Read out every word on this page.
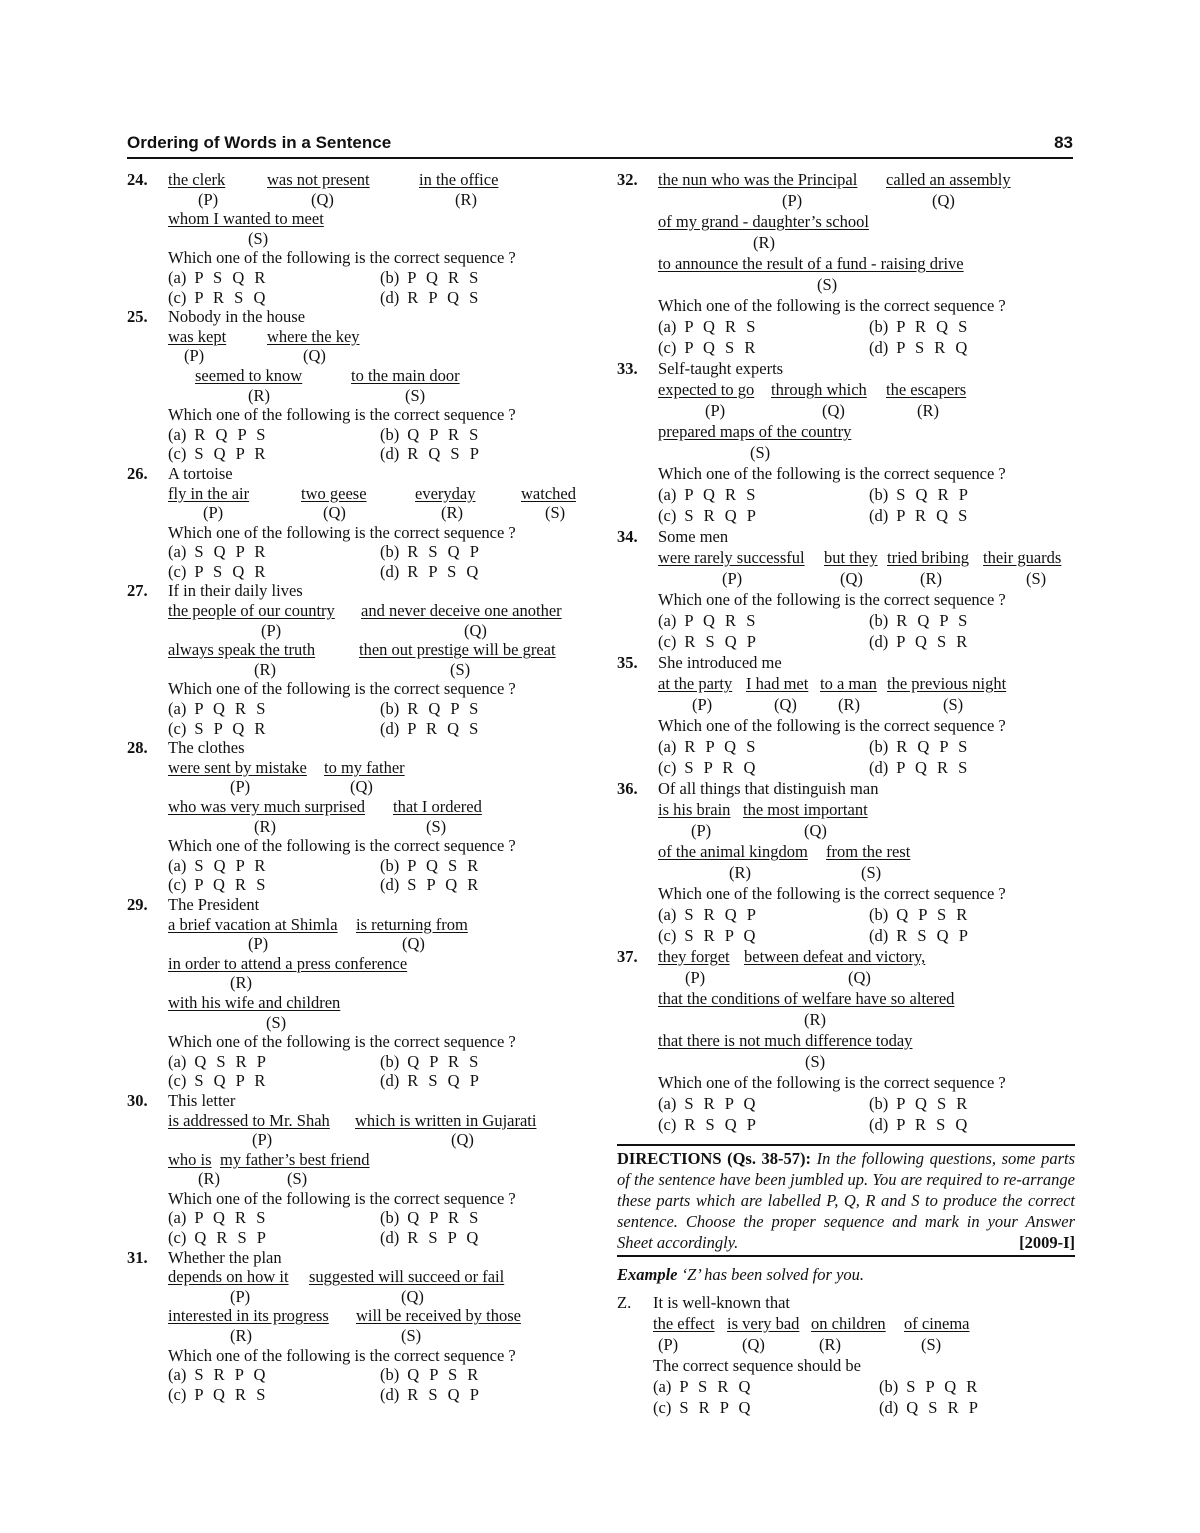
Ordering of Words in a Sentence	83
24. the clerk	was not present	in the office
(P)	(Q)	(R)
whom I wanted to meet
(S)
Which one of the following is the correct sequence ?
(a) P S Q R	(b) P Q R S
(c) P R S Q	(d) R P Q S
25. Nobody in the house
was kept where the key
(P)	(Q)
seemed to know	to the main door
(R)	(S)
Which one of the following is the correct sequence ?
(a) R Q P S	(b) Q P R S
(c) S Q P R	(d) R Q S P
26. A tortoise
fly in the air	two geese	everyday	watched
(P)	(Q)	(R)	(S)
Which one of the following is the correct sequence ?
(a) S Q P R	(b) R S Q P
(c) P S Q R	(d) R P S Q
27. If in their daily lives
the people of our country and never deceive one another
(P)	(Q)
always speak the truth	then out prestige will be great
(R)	(S)
Which one of the following is the correct sequence ?
(a) P Q R S	(b) R Q P S
(c) S P Q R	(d) P R Q S
28. The clothes
were sent by mistake to my father
(P)	(Q)
who was very much surprised that I ordered
(R)	(S)
Which one of the following is the correct sequence ?
(a) S Q P R	(b) P Q S R
(c) P Q R S	(d) S P Q R
29. The President
a brief vacation at Shimla is returning from
(P)	(Q)
in order to attend a press conference
(R)
with his wife and children
(S)
Which one of the following is the correct sequence ?
(a) Q S R P	(b) Q P R S
(c) S Q P R	(d) R S Q P
30. This letter
is addressed to Mr. Shah which is written in Gujarati
(P)	(Q)
who is my father’s best friend
(R)	(S)
Which one of the following is the correct sequence ?
(a) P Q R S	(b) Q P R S
(c) Q R S P	(d) R S P Q
31. Whether the plan
depends on how it suggested will succeed or fail
(P)	(Q)
interested in its progress will be received by those
(R)	(S)
Which one of the following is the correct sequence ?
(a) S R P Q	(b) Q P S R
(c) P Q R S	(d) R S Q P
32. the nun who was the Principal called an assembly
(P)	(Q)
of my grand - daughter’s school
(R)
to announce the result of a fund - raising drive
(S)
Which one of the following is the correct sequence ?
(a) P Q R S	(b) P R Q S
(c) P Q S R	(d) P S R Q
33. Self-taught experts
expected to go through which the escapers
(P)	(Q)	(R)
prepared maps of the country
(S)
Which one of the following is the correct sequence ?
(a) P Q R S	(b) S Q R P
(c) S R Q P	(d) P R Q S
34. Some men
were rarely successful but they tried bribing their guards
(P)	(Q)	(R)	(S)
Which one of the following is the correct sequence ?
(a) P Q R S	(b) R Q P S
(c) R S Q P	(d) P Q S R
35. She introduced me
at the party I had met to a man the previous night
(P)	(Q) (R)	(S)
Which one of the following is the correct sequence ?
(a) R P Q S	(b) R Q P S
(c) S P R Q	(d) P Q R S
36. Of all things that distinguish man
is his brain the most important
(P)	(Q)
of the animal kingdom from the rest
(R)	(S)
Which one of the following is the correct sequence ?
(a) S R Q P	(b) Q P S R
(c) S R P Q	(d) R S Q P
37. they forget between defeat and victory,
(P)	(Q)
that the conditions of welfare have so altered
(R)
that there is not much difference today
(S)
Which one of the following is the correct sequence ?
(a) S R P Q	(b) P Q S R
(c) R S Q P	(d) P R S Q
DIRECTIONS (Qs. 38-57): In the following questions, some parts of the sentence have been jumbled up. You are required to re-arrange these parts which are labelled P, Q, R and S to produce the correct sentence. Choose the proper sequence and mark in your Answer Sheet accordingly.	[2009-I]
Example ‘Z’ has been solved for you.
Z. It is well-known that
the effect is very bad on children of cinema
(P)	(Q)	(R)	(S)
The correct sequence should be
(a) P S R Q	(b) S P Q R
(c) S R P Q	(d) Q S R P
